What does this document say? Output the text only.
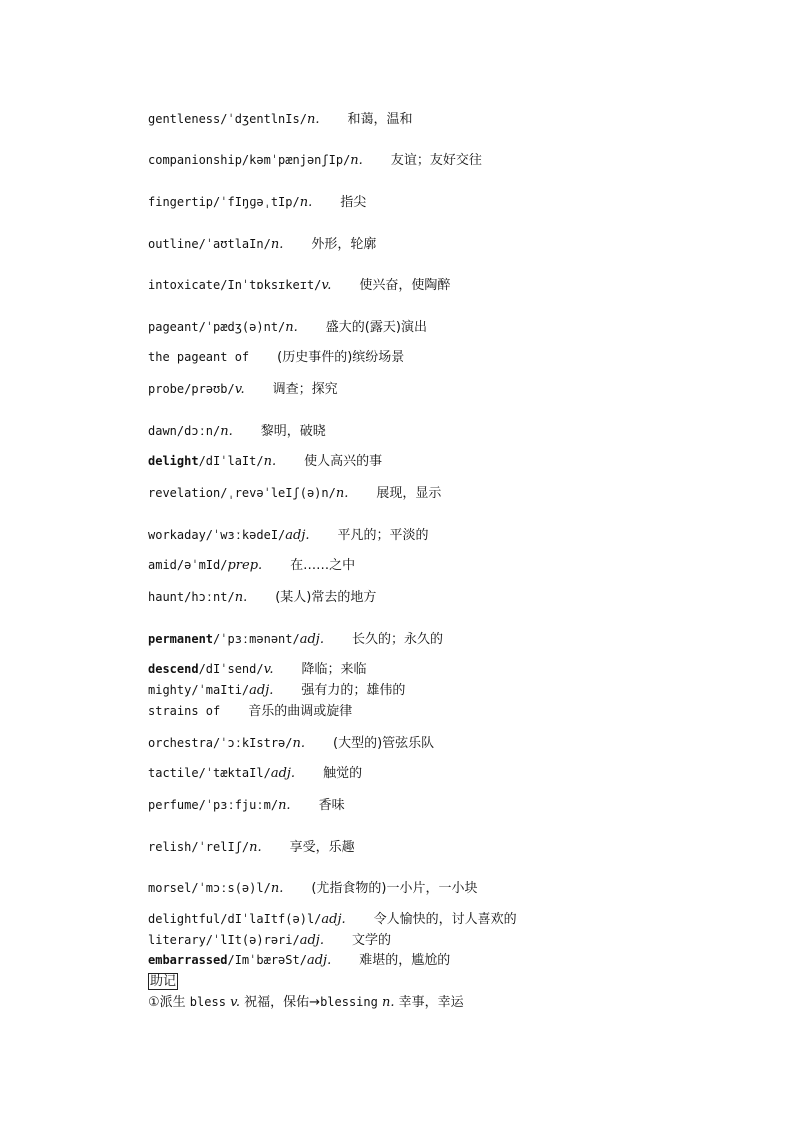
gentleness/ˈdʒentlnIs/n. 和蔼，温和
companionship/kəmˈpænjənʃIp/n. 友谊；友好交往
fingertip/ˈfIŋɡəˌtIp/n. 指尖
outline/ˈaʊtlaIn/n. 外形，轮廓
intoxicate/Inˈtɒksɪkeɪt/v. 使兴奋，使陶醉
pageant/ˈpædʒ(ə)nt/n. 盛大的(露天)演出
the pageant of (历史事件的)缤纷场景
probe/prəʊb/v. 调查；探究
dawn/dɔːn/n. 黎明，破晓
delight/dIˈlaIt/n. 使人高兴的事
revelation/ˌrevəˈleIʃ(ə)n/n. 展现，显示
workaday/ˈwɜːkədeI/adj. 平凡的；平淡的
amid/əˈmId/prep. 在……之中
haunt/hɔːnt/n. (某人)常去的地方
permanent/ˈpɜːmənənt/adj. 长久的；永久的
descend/dIˈsend/v. 降临；来临
mighty/ˈmaIti/adj. 强有力的；雄伟的
strains of 音乐的曲调或旋律
orchestra/ˈɔːkIstrə/n. (大型的)管弦乐队
tactile/ˈtæktaIl/adj. 触觉的
perfume/ˈpɜːfjuːm/n. 香味
relish/ˈrelIʃ/n. 享受，乐趣
morsel/ˈmɔːs(ə)l/n. (尤指食物的)一小片，一小块
delightful/dIˈlaItf(ə)l/adj. 令人愉快的，讨人喜欢的
literary/ˈlIt(ə)rəri/adj. 文学的
embarrassed/ImˈbærəSt/adj. 难堪的，尴尬的
助记
①派生 bless v. 祝福，保佑→blessing n. 幸事，幸运
